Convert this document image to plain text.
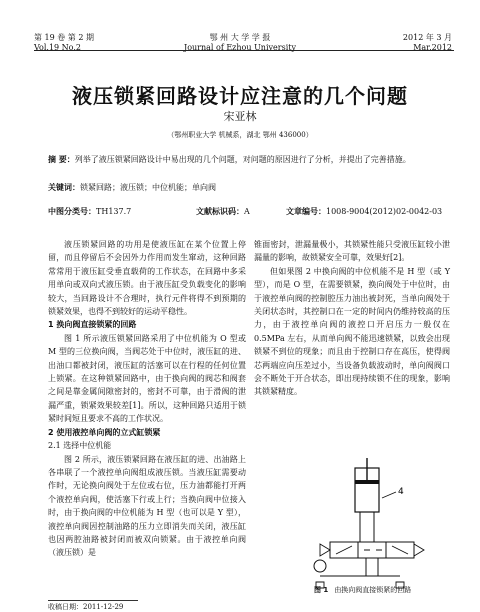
第 19 卷 第 2 期
Vol.19 No.2
鄂 州 大 学 学 报
Journal of Ezhou University
2012 年 3 月
Mar.2012
液压锁紧回路设计应注意的几个问题
宋亚林
（鄂州职业大学 机械系，湖北 鄂州 436000）
摘 要：列举了液压锁紧回路设计中易出现的几个问题，对问题的原因进行了分析，并提出了完善措施。
关键词：锁紧回路；液压锁；中位机能；单向阀
中图分类号：TH137.7	文献标识码：A	文章编号：1008-9004(2012)02-0042-03

液压锁紧回路的功用是使液压缸在某个位置上停留，而且停留后不会因外力作用而发生窜动，这种回路常常用于液压缸受垂直载荷的工作状态，在回路中多采用单向或双向式液压锁。由于液压缸受负载变化的影响较大，当回路设计不合理时，执行元件将得不到预期的锁紧效果，也得不到较好的运动平稳性。

1 换向阀直接锁紧的回路

图 1 所示液压锁紧回路采用了中位机能为 O 型或 M 型的三位换向阀，当阀芯处于中位时，液压缸的进、出油口都被封闭，液压缸的活塞可以在行程的任何位置上锁紧。在这种锁紧回路中，由于换向阀的阀芯和阀套之间是靠金属间隙密封的，密封不可靠，由于滑阀的泄漏严重，锁紧效果较差[1]。所以，这种回路只适用于锁紧时间短且要求不高的工作状况。

2 使用液控单向阀的立式缸锁紧
2.1 选择中位机能

图 2 所示，液压锁紧回路在液压缸的进、出油路上各串联了一个液控单向阀组成液压锁。当液压缸需要动作时，无论换向阀处于左位或右位，压力油都能打开两个液控单向阀，使活塞下行或上行；当换向阀中位接入时，由于换向阀的中位机能为 H 型（也可以是 Y 型），液控单向阀因控制油路的压力立即消失而关闭，液压缸也因两腔油路被封闭而被双向锁紧。由于液控单向阀（液压锁）是

锥面密封，泄漏量极小，其锁紧性能只受液压缸较小泄漏量的影响，故锁紧安全可靠，效果好[2]。

但如果图 2 中换向阀的中位机能不是 H 型（或 Y 型），而是 O 型，在需要锁紧，换向阀处于中位时，由于液控单向阀的控制腔压力油出被封死，当单向阀处于关闭状态时，其控制口在一定的时间内仍维持较高的压力，由于液控单向阀的液控口开启压力一般仅在 0.5MPa 左右，从而单向阀不能迅速锁紧，以致会出现锁紧不到位的现象；而且由于控制口存在高压，使得阀芯两端应向压差过小，当设备负载波动时，单向阀阀口会不断处于开合状态，即出现持续锁不住的现象，影响其锁紧精度。

4
图 1 由换向阀直接锁紧的回路
收稿日期：2011-12-29
